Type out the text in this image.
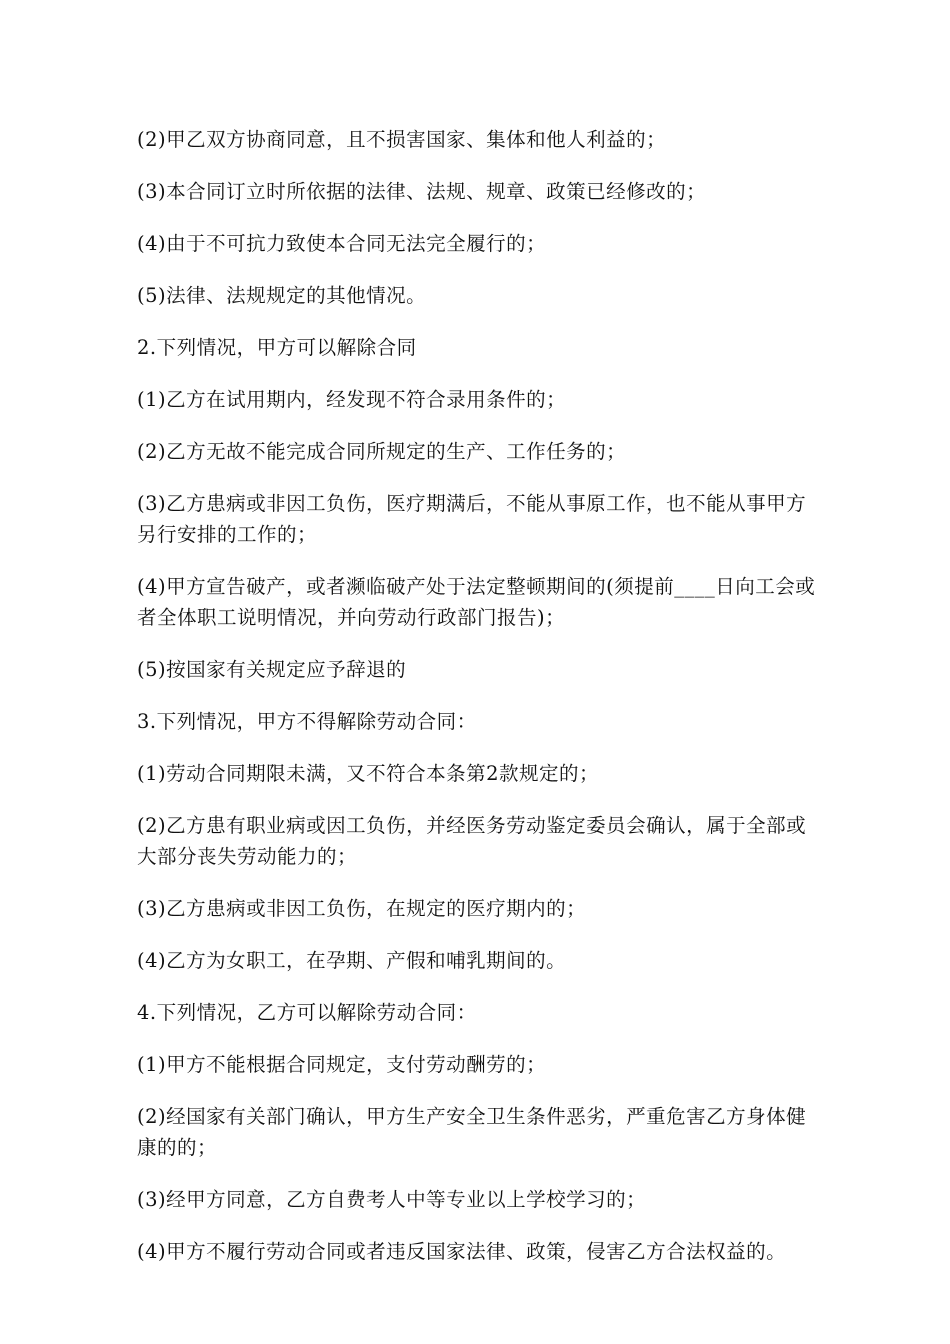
(2)甲乙双方协商同意，且不损害国家、集体和他人利益的；

(3)本合同订立时所依据的法律、法规、规章、政策已经修改的；

(4)由于不可抗力致使本合同无法完全履行的；

(5)法律、法规规定的其他情况。

2.下列情况，甲方可以解除合同

(1)乙方在试用期内，经发现不符合录用条件的；

(2)乙方无故不能完成合同所规定的生产、工作任务的；

(3)乙方患病或非因工负伤，医疗期满后，不能从事原工作，也不能从事甲方另行安排的工作的；

(4)甲方宣告破产，或者濒临破产处于法定整顿期间的(须提前____日向工会或者全体职工说明情况，并向劳动行政部门报告)；

(5)按国家有关规定应予辞退的

3.下列情况，甲方不得解除劳动合同：

(1)劳动合同期限未满，又不符合本条第2款规定的；

(2)乙方患有职业病或因工负伤，并经医务劳动鉴定委员会确认，属于全部或大部分丧失劳动能力的；

(3)乙方患病或非因工负伤，在规定的医疗期内的；

(4)乙方为女职工，在孕期、产假和哺乳期间的。

4.下列情况，乙方可以解除劳动合同：

(1)甲方不能根据合同规定，支付劳动酬劳的；

(2)经国家有关部门确认，甲方生产安全卫生条件恶劣，严重危害乙方身体健康的的；

(3)经甲方同意，乙方自费考人中等专业以上学校学习的；

(4)甲方不履行劳动合同或者违反国家法律、政策，侵害乙方合法权益的。
